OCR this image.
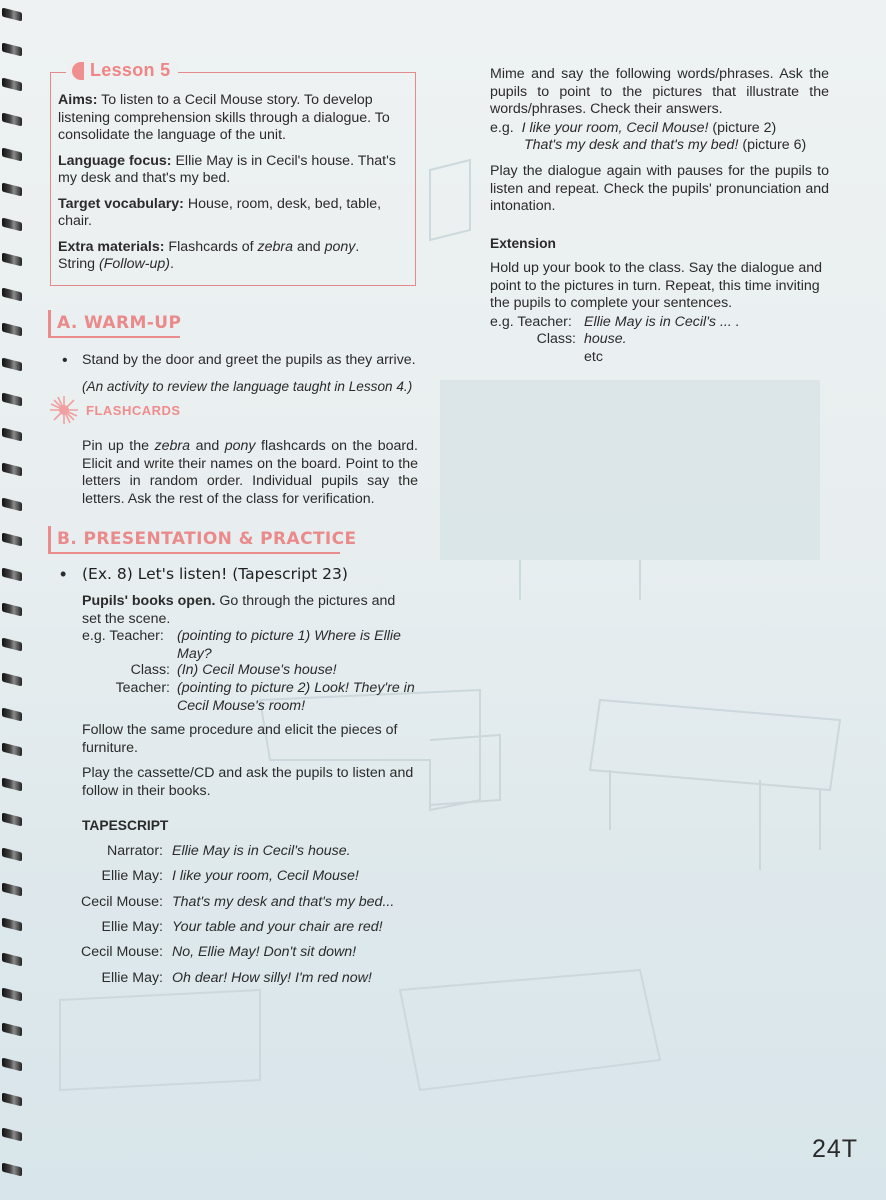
Lesson 5

Aims: To listen to a Cecil Mouse story. To develop listening comprehension skills through a dialogue. To consolidate the language of the unit.

Language focus: Ellie May is in Cecil's house. That's my desk and that's my bed.

Target vocabulary: House, room, desk, bed, table, chair.

Extra materials: Flashcards of zebra and pony. String (Follow-up).

A. WARM-UP
• Stand by the door and greet the pupils as they arrive.
(An activity to review the language taught in Lesson 4.)
FLASHCARDS
Pin up the zebra and pony flashcards on the board. Elicit and write their names on the board. Point to the letters in random order. Individual pupils say the letters. Ask the rest of the class for verification.
B. PRESENTATION & PRACTICE
• (Ex. 8) Let's listen! (Tapescript 23)
Pupils' books open. Go through the pictures and set the scene.
e.g. Teacher: (pointing to picture 1) Where is Ellie May?
Class: (In) Cecil Mouse's house!
Teacher: (pointing to picture 2) Look! They're in Cecil Mouse's room!
Follow the same procedure and elicit the pieces of furniture.
Play the cassette/CD and ask the pupils to listen and follow in their books.
TAPESCRIPT
Narrator: Ellie May is in Cecil's house.
Ellie May: I like your room, Cecil Mouse!
Cecil Mouse: That's my desk and that's my bed...
Ellie May: Your table and your chair are red!
Cecil Mouse: No, Ellie May! Don't sit down!
Ellie May: Oh dear! How silly! I'm red now!
Mime and say the following words/phrases. Ask the pupils to point to the pictures that illustrate the words/phrases. Check their answers.
e.g. I like your room, Cecil Mouse! (picture 2)
That's my desk and that's my bed! (picture 6)
Play the dialogue again with pauses for the pupils to listen and repeat. Check the pupils' pronunciation and intonation.
Extension
Hold up your book to the class. Say the dialogue and point to the pictures in turn. Repeat, this time inviting the pupils to complete your sentences.
e.g. Teacher: Ellie May is in Cecil's ... .
Class: house. etc
24T
